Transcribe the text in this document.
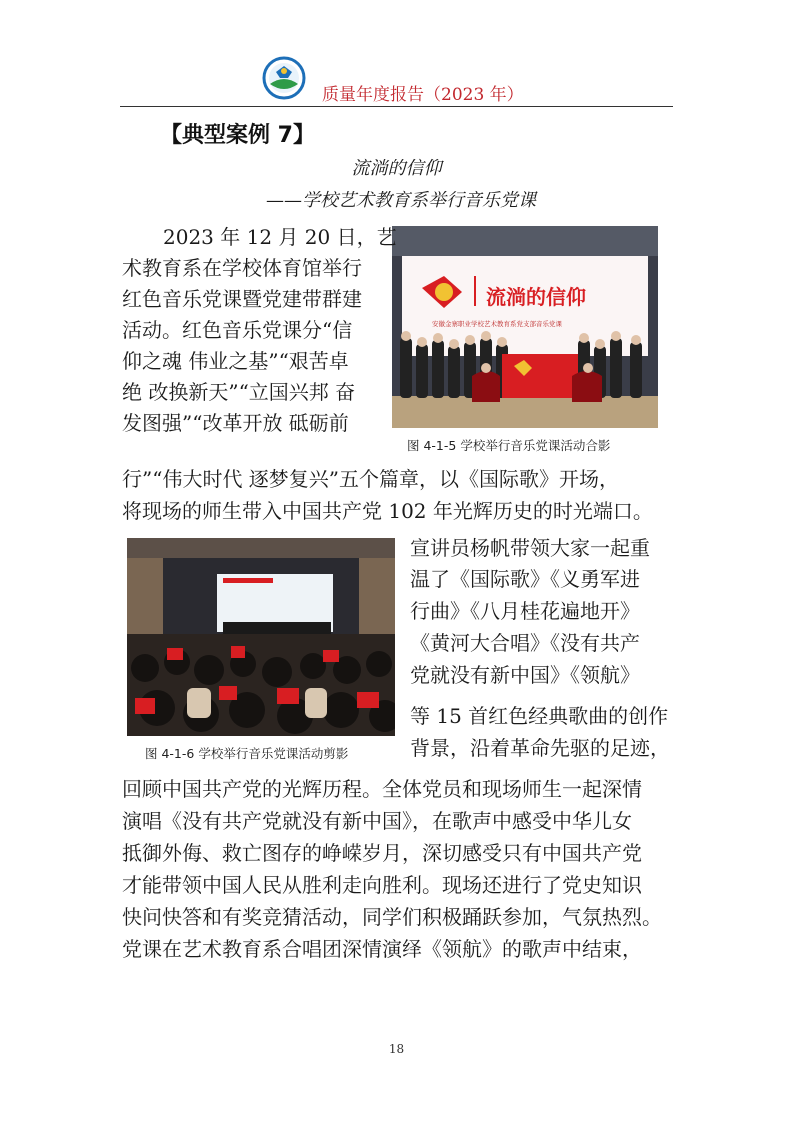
质量年度报告（2023 年）
【典型案例 7】
流淌的信仰
——学校艺术教育系举行音乐党课
流淌的信仰
安徽金寨职业学校艺术教育系党支部音乐党课
图 4-1-5 学校举行音乐党课活动合影
图 4-1-6 学校举行音乐党课活动剪影
2023 年 12 月 20 日，艺
术教育系在学校体育馆举行
红色音乐党课暨党建带群建
活动。红色音乐党课分“信
仰之魂 伟业之基”“艰苦卓
绝 改换新天”“立国兴邦 奋
发图强”“改革开放 砥砺前
行”“伟大时代 逐梦复兴”五个篇章，以《国际歌》开场，
将现场的师生带入中国共产党 102 年光辉历史的时光端口。
宣讲员杨帆带领大家一起重
温了《国际歌》《义勇军进
行曲》《八月桂花遍地开》
《黄河大合唱》《没有共产
党就没有新中国》《领航》
等 15 首红色经典歌曲的创作
背景，沿着革命先驱的足迹，
回顾中国共产党的光辉历程。全体党员和现场师生一起深情
演唱《没有共产党就没有新中国》，在歌声中感受中华儿女
抵御外侮、救亡图存的峥嵘岁月，深切感受只有中国共产党
才能带领中国人民从胜利走向胜利。现场还进行了党史知识
快问快答和有奖竞猜活动，同学们积极踊跃参加，气氛热烈。
党课在艺术教育系合唱团深情演绎《领航》的歌声中结束，
18
